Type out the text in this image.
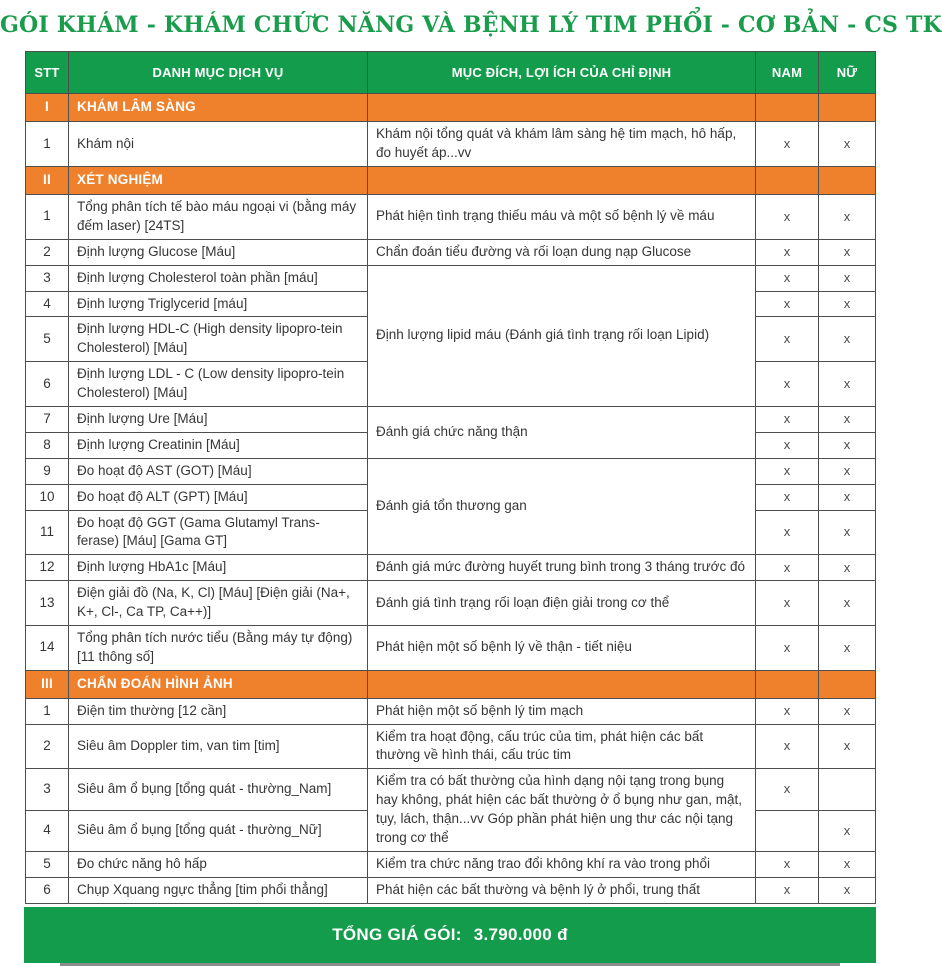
GÓI KHÁM - KHÁM CHỨC NĂNG VÀ BỆNH LÝ TIM PHỔI - CƠ BẢN - CS TK
STT	DANH MỤC DỊCH VỤ	MỤC ĐÍCH, LỢI ÍCH CỦA CHỈ ĐỊNH	NAM	NỮ
I	KHÁM LÂM SÀNG			
1	Khám nội	Khám nội tổng quát và khám lâm sàng hệ tim mạch, hô hấp, đo huyết áp...vv	x	x
II	XÉT NGHIỆM			
1	Tổng phân tích tế bào máu ngoại vi (bằng máy đếm laser) [24TS]	Phát hiện tình trạng thiếu máu và một số bệnh lý về máu	x	x
2	Định lượng Glucose [Máu]	Chẩn đoán tiểu đường và rối loạn dung nạp Glucose	x	x
3	Định lượng Cholesterol toàn phần [máu]	Định lượng lipid máu (Đánh giá tình trạng rối loạn Lipid)	x	x
4	Định lượng Triglycerid [máu]		x	x
5	Định lượng HDL-C (High density lipopro-tein Cholesterol) [Máu]		x	x
6	Định lượng LDL - C (Low density lipopro-tein Cholesterol) [Máu]		x	x
7	Định lượng Ure [Máu]	Đánh giá chức năng thận	x	x
8	Định lượng Creatinin [Máu]		x	x
9	Đo hoạt độ AST (GOT) [Máu]	Đánh giá tổn thương gan	x	x
10	Đo hoạt độ ALT (GPT) [Máu]		x	x
11	Đo hoạt độ GGT (Gama Glutamyl Trans-ferase) [Máu] [Gama GT]		x	x
12	Định lượng HbA1c [Máu]	Đánh giá mức đường huyết trung bình trong 3 tháng trước đó	x	x
13	Điện giải đồ (Na, K, Cl) [Máu] [Điện giải (Na+, K+, Cl-, Ca TP, Ca++)]	Đánh giá tình trạng rối loạn điện giải trong cơ thể	x	x
14	Tổng phân tích nước tiểu (Bằng máy tự động) [11 thông số]	Phát hiện một số bệnh lý về thận - tiết niệu	x	x
III	CHẨN ĐOÁN HÌNH ẢNH			
1	Điện tim thường [12 cần]	Phát hiện một số bệnh lý tim mạch	x	x
2	Siêu âm Doppler tim, van tim [tim]	Kiểm tra hoạt động, cấu trúc của tim, phát hiện các bất thường về hình thái, cấu trúc tim	x	x
3	Siêu âm ổ bụng [tổng quát - thường_Nam]	Kiểm tra có bất thường của hình dạng nội tạng trong bụng hay không, phát hiện các bất thường ở ổ bụng như gan, mật, tụy, lách, thận...vv Góp phần phát hiện ung thư các nội tạng trong cơ thể	x	
4	Siêu âm ổ bụng [tổng quát - thường_Nữ]			x
5	Đo chức năng hô hấp	Kiểm tra chức năng trao đổi không khí ra vào trong phổi	x	x
6	Chụp Xquang ngực thẳng [tim phổi thẳng]	Phát hiện các bất thường và bệnh lý ở phổi, trung thất	x	x
TỔNG GIÁ GÓI: 3.790.000 đ
